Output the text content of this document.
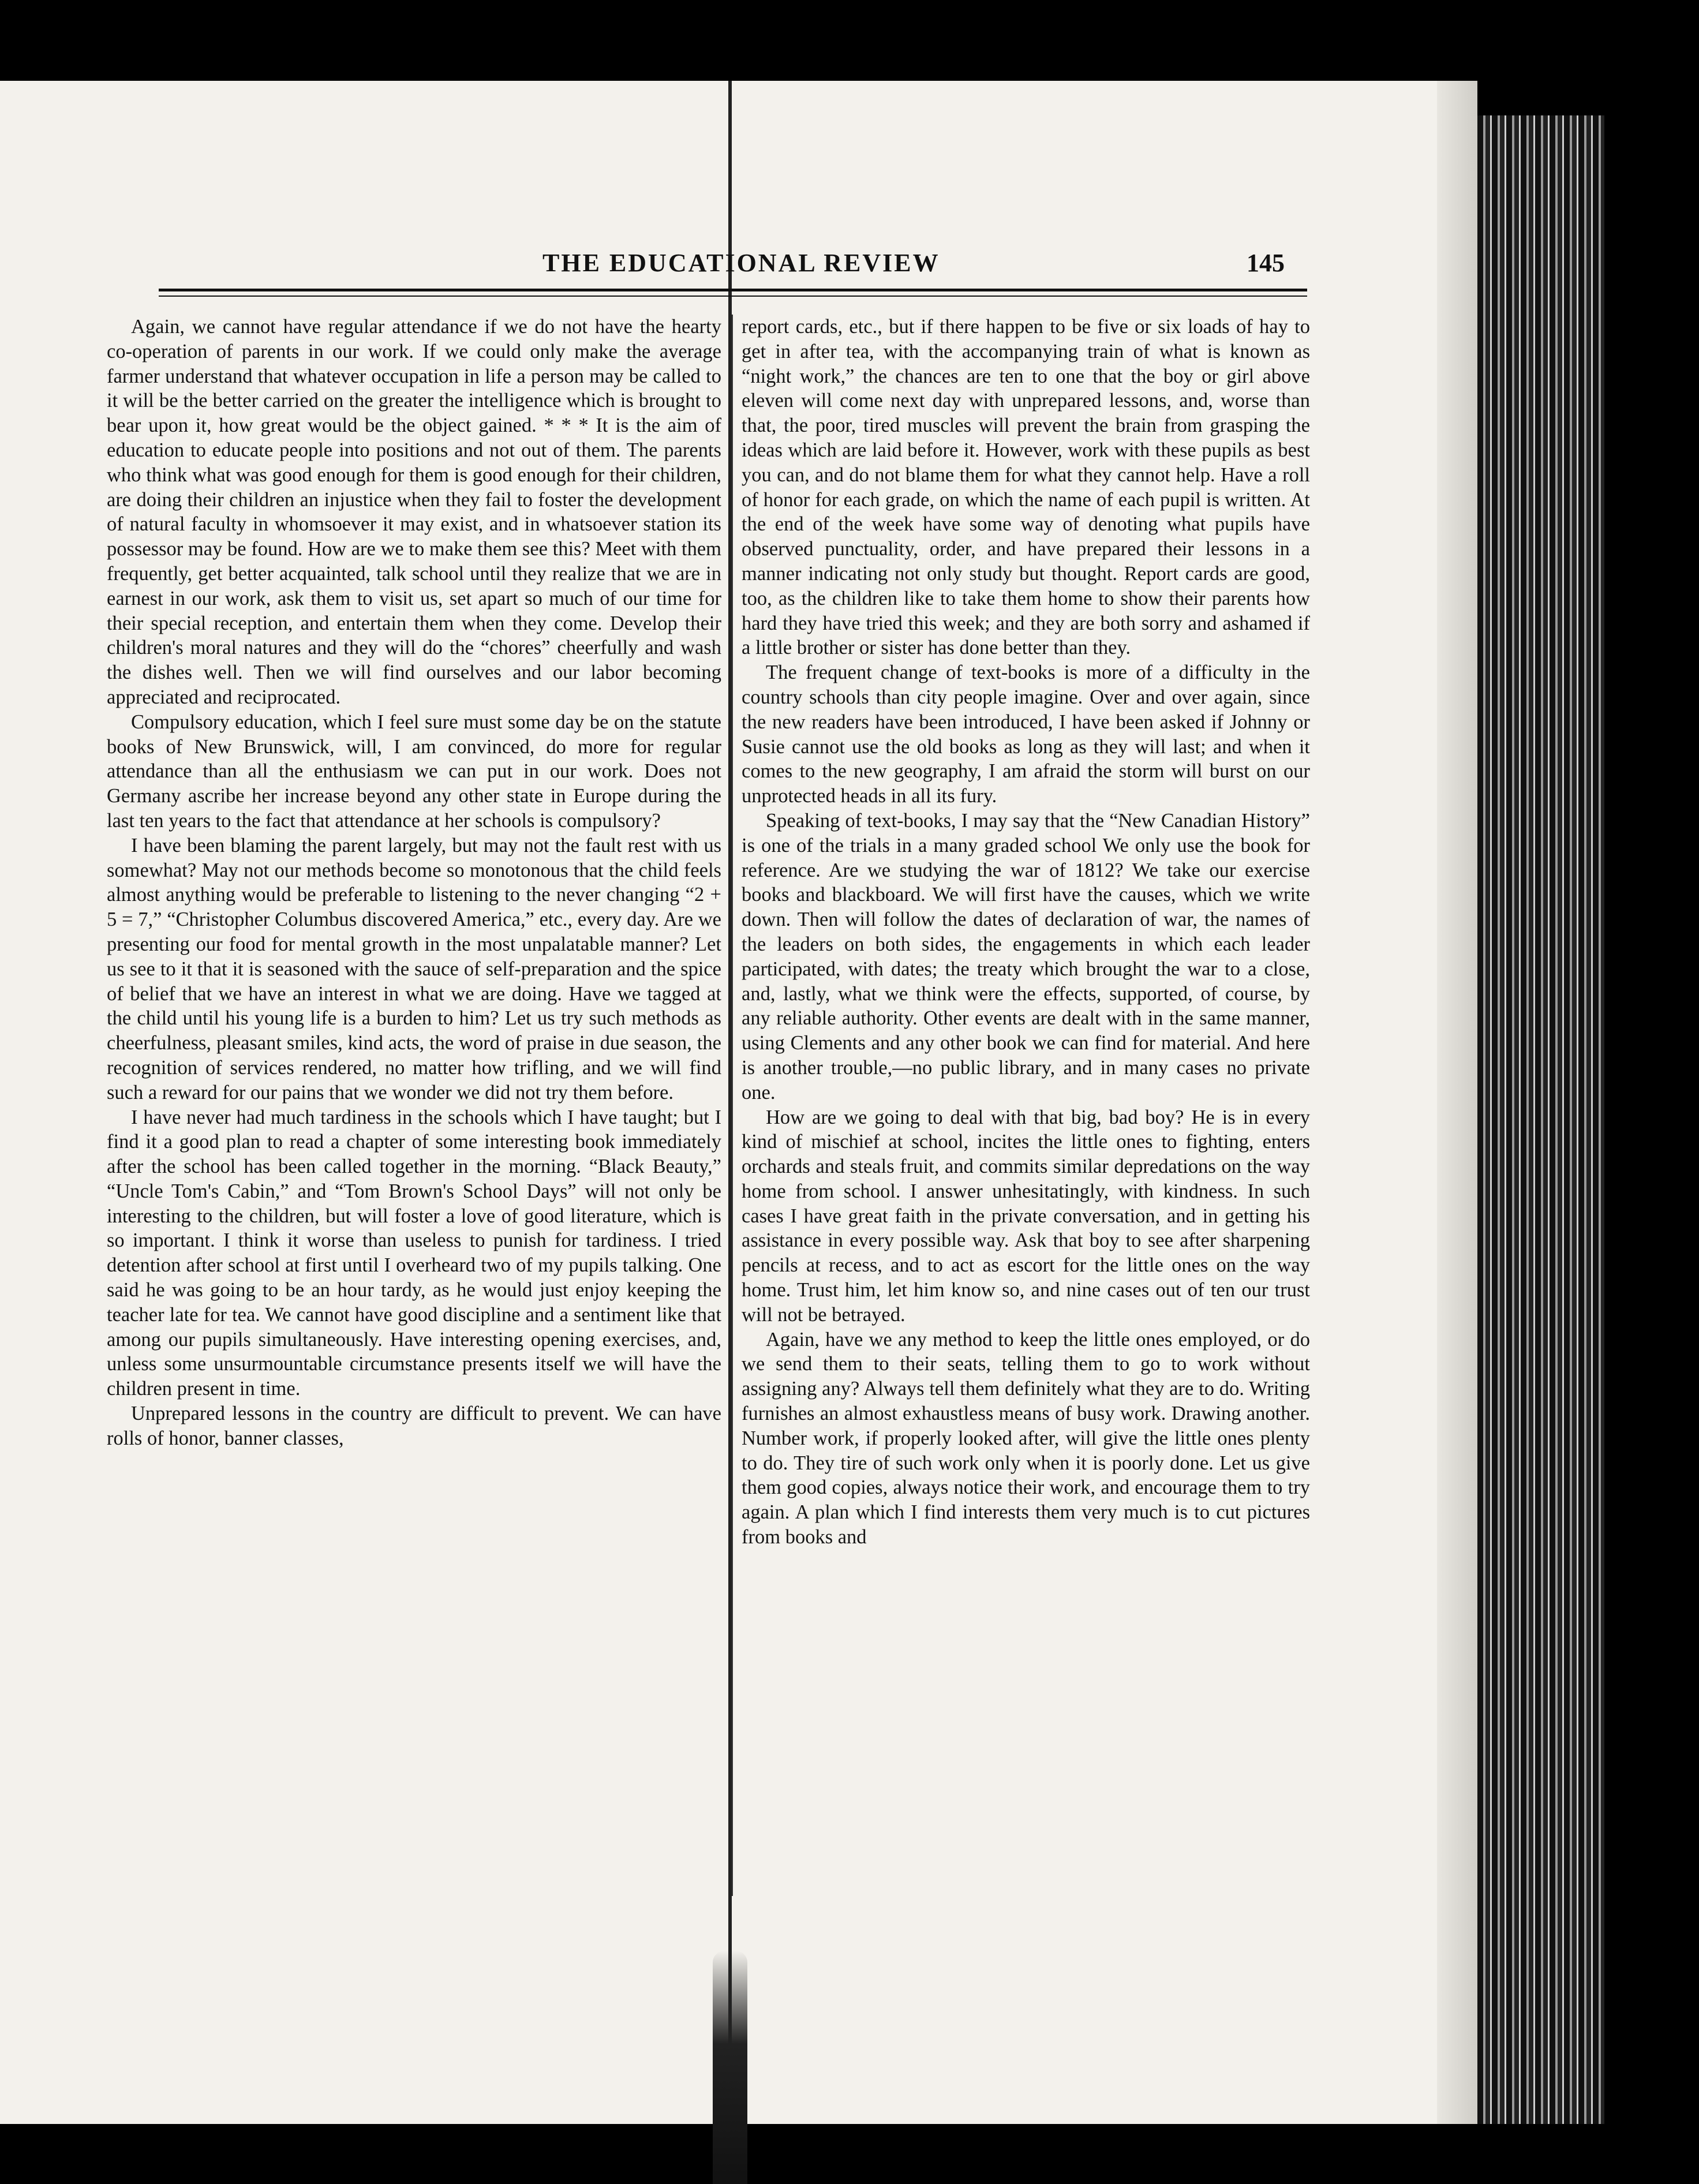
THE EDUCATIONAL REVIEW	145

Again, we cannot have regular attendance if we do not have the hearty co-operation of parents in our work. If we could only make the average farmer understand that whatever occupation in life a person may be called to it will be the better carried on the greater the intelligence which is brought to bear upon it, how great would be the object gained. * * * It is the aim of education to educate people into positions and not out of them. The parents who think what was good enough for them is good enough for their children, are doing their children an injustice when they fail to foster the development of natural faculty in whomsoever it may exist, and in whatsoever station its possessor may be found. How are we to make them see this? Meet with them frequently, get better acquainted, talk school until they realize that we are in earnest in our work, ask them to visit us, set apart so much of our time for their special reception, and entertain them when they come. Develop their children's moral natures and they will do the “chores” cheerfully and wash the dishes well. Then we will find ourselves and our labor becoming appreciated and reciprocated.

Compulsory education, which I feel sure must some day be on the statute books of New Brunswick, will, I am convinced, do more for regular attendance than all the enthusiasm we can put in our work. Does not Germany ascribe her increase beyond any other state in Europe during the last ten years to the fact that attendance at her schools is compulsory?

I have been blaming the parent largely, but may not the fault rest with us somewhat? May not our methods become so monotonous that the child feels almost anything would be preferable to listening to the never changing “2 + 5 = 7,” “Christopher Columbus discovered America,” etc., every day. Are we presenting our food for mental growth in the most unpalatable manner? Let us see to it that it is seasoned with the sauce of self-preparation and the spice of belief that we have an interest in what we are doing. Have we tagged at the child until his young life is a burden to him? Let us try such methods as cheerfulness, pleasant smiles, kind acts, the word of praise in due season, the recognition of services rendered, no matter how trifling, and we will find such a reward for our pains that we wonder we did not try them before.

I have never had much tardiness in the schools which I have taught; but I find it a good plan to read a chapter of some interesting book immediately after the school has been called together in the morning. “Black Beauty,” “Uncle Tom's Cabin,” and “Tom Brown's School Days” will not only be interesting to the children, but will foster a love of good literature, which is so important. I think it worse than useless to punish for tardiness. I tried detention after school at first until I overheard two of my pupils talking. One said he was going to be an hour tardy, as he would just enjoy keeping the teacher late for tea. We cannot have good discipline and a sentiment like that among our pupils simultaneously. Have interesting opening exercises, and, unless some unsurmountable circumstance presents itself we will have the children present in time.

Unprepared lessons in the country are difficult to prevent. We can have rolls of honor, banner classes,

report cards, etc., but if there happen to be five or six loads of hay to get in after tea, with the accompanying train of what is known as “night work,” the chances are ten to one that the boy or girl above eleven will come next day with unprepared lessons, and, worse than that, the poor, tired muscles will prevent the brain from grasping the ideas which are laid before it. However, work with these pupils as best you can, and do not blame them for what they cannot help. Have a roll of honor for each grade, on which the name of each pupil is written. At the end of the week have some way of denoting what pupils have observed punctuality, order, and have prepared their lessons in a manner indicating not only study but thought. Report cards are good, too, as the children like to take them home to show their parents how hard they have tried this week; and they are both sorry and ashamed if a little brother or sister has done better than they.

The frequent change of text-books is more of a difficulty in the country schools than city people imagine. Over and over again, since the new readers have been introduced, I have been asked if Johnny or Susie cannot use the old books as long as they will last; and when it comes to the new geography, I am afraid the storm will burst on our unprotected heads in all its fury.

Speaking of text-books, I may say that the “New Canadian History” is one of the trials in a many graded school We only use the book for reference. Are we studying the war of 1812? We take our exercise books and blackboard. We will first have the causes, which we write down. Then will follow the dates of declaration of war, the names of the leaders on both sides, the engagements in which each leader participated, with dates; the treaty which brought the war to a close, and, lastly, what we think were the effects, supported, of course, by any reliable authority. Other events are dealt with in the same manner, using Clements and any other book we can find for material. And here is another trouble,—no public library, and in many cases no private one.

How are we going to deal with that big, bad boy? He is in every kind of mischief at school, incites the little ones to fighting, enters orchards and steals fruit, and commits similar depredations on the way home from school. I answer unhesitatingly, with kindness. In such cases I have great faith in the private conversation, and in getting his assistance in every possible way. Ask that boy to see after sharpening pencils at recess, and to act as escort for the little ones on the way home. Trust him, let him know so, and nine cases out of ten our trust will not be betrayed.

Again, have we any method to keep the little ones employed, or do we send them to their seats, telling them to go to work without assigning any? Always tell them definitely what they are to do. Writing furnishes an almost exhaustless means of busy work. Drawing another. Number work, if properly looked after, will give the little ones plenty to do. They tire of such work only when it is poorly done. Let us give them good copies, always notice their work, and encourage them to try again. A plan which I find interests them very much is to cut pictures from books and
